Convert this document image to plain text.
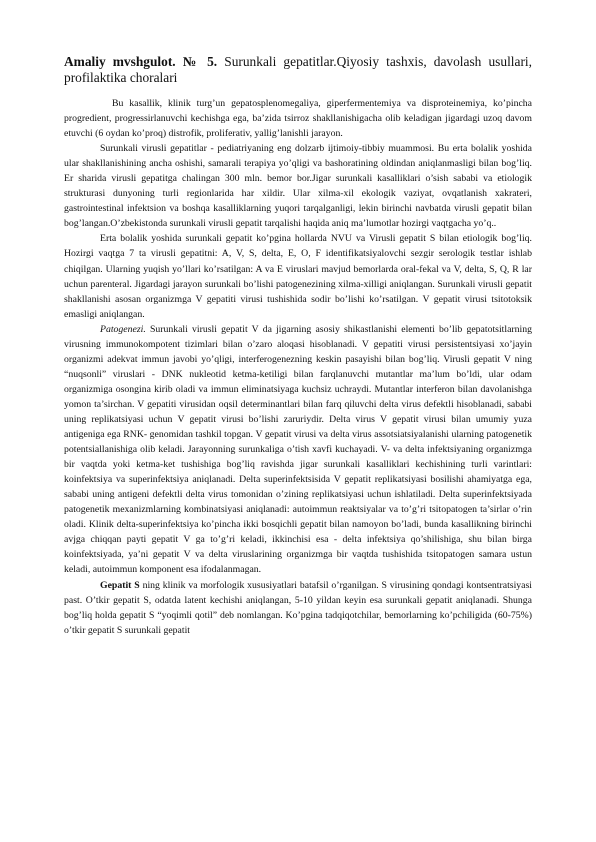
Amaliy mvshgulot. № 5. Surunkali gepatitlar.Qiyosiy tashxis, davolash usullari, profilaktika choralari

Bu kasallik, klinik turg’un gepatosplenomegaliya, giperfermentemiya va disproteinemiya, ko’pincha progredient, progressirlanuvchi kechishga ega, ba’zida tsirroz shakllanishigacha olib keladigan jigardagi uzoq davom etuvchi (6 oydan ko’proq) distrofik, proliferativ, yallig’lanishli jarayon.

Surunkali virusli gepatitlar - pediatriyaning eng dolzarb ijtimoiy-tibbiy muammosi. Bu erta bolalik yoshida ular shakllanishining ancha oshishi, samarali terapiya yo’qligi va bashoratining oldindan aniqlanmasligi bilan bog’liq. Er sharida virusli gepatitga chalingan 300 mln. bemor bor.Jigar surunkali kasalliklari o’sish sababi va etiologik strukturasi dunyoning turli regionlarida har xildir. Ular xilma-xil ekologik vaziyat, ovqatlanish xakrateri, gastrointestinal infektsion va boshqa kasalliklarning yuqori tarqalganligi, lekin birinchi navbatda virusli gepatit bilan bog’langan.O’zbekistonda surunkali virusli gepatit tarqalishi haqida aniq ma’lumotlar hozirgi vaqtgacha yo’q..

Erta bolalik yoshida surunkali gepatit ko’pgina hollarda NVU va Virusli gepatit S bilan etiologik bog’liq. Hozirgi vaqtga 7 ta virusli gepatitni: A, V, S, delta, E, O, F identifikatsiyalovchi sezgir serologik testlar ishlab chiqilgan. Ularning yuqish yo’llari ko’rsatilgan: A va E viruslari mavjud bemorlarda oral-fekal va V, delta, S, Q, R lar uchun parenteral. Jigardagi jarayon surunkali bo’lishi patogenezining xilma-xilligi aniqlangan. Surunkali virusli gepatit shakllanishi asosan organizmga V gepatiti virusi tushishida sodir bo’lishi ko’rsatilgan. V gepatit virusi tsitotoksik emasligi aniqlangan.

Patogenezi. Surunkali virusli gepatit V da jigarning asosiy shikastlanishi elementi bo’lib gepatotsitlarning virusning immunokompotent tizimlari bilan o’zaro aloqasi hisoblanadi. V gepatiti virusi persistentsiyasi xo’jayin organizmi adekvat immun javobi yo’qligi, interferogenezning keskin pasayishi bilan bog’liq. Virusli gepatit V ning “nuqsonli” viruslari - DNK nukleotid ketma-ketiligi bilan farqlanuvchi mutantlar ma’lum bo’ldi, ular odam organizmiga osongina kirib oladi va immun eliminatsiyaga kuchsiz uchraydi. Mutantlar interferon bilan davolanishga yomon ta’sirchan. V gepatiti virusidan oqsil determinantlari bilan farq qiluvchi delta virus defektli hisoblanadi, sababi uning replikatsiyasi uchun V gepatit virusi bo’lishi zaruriydir. Delta virus V gepatit virusi bilan umumiy yuza antigeniga ega RNK- genomidan tashkil topgan. V gepatit virusi va delta virus assotsiatsiyalanishi ularning patogenetik potentsiallanishiga olib keladi. Jarayonning surunkaliga o’tish xavfi kuchayadi. V- va delta infektsiyaning organizmga bir vaqtda yoki ketma-ket tushishiga bog’liq ravishda jigar surunkali kasalliklari kechishining turli varintlari: koinfektsiya va superinfektsiya aniqlanadi. Delta superinfektsisida V gepatit replikatsiyasi bosilishi ahamiyatga ega, sababi uning antigeni defektli delta virus tomonidan o’zining replikatsiyasi uchun ishlatiladi. Delta superinfektsiyada patogenetik mexanizmlarning kombinatsiyasi aniqlanadi: autoimmun reaktsiyalar va to’g’ri tsitopatogen ta’sirlar o’rin oladi. Klinik delta-superinfektsiya ko’pincha ikki bosqichli gepatit bilan namoyon bo’ladi, bunda kasallikning birinchi avjga chiqqan payti gepatit V ga to’g’ri keladi, ikkinchisi esa - delta infektsiya qo’shilishiga, shu bilan birga koinfektsiyada, ya’ni gepatit V va delta viruslarining organizmga bir vaqtda tushishida tsitopatogen samara ustun keladi, autoimmun komponent esa ifodalanmagan.

Gepatit S ning klinik va morfologik xususiyatlari batafsil o’rganilgan. S virusining qondagi kontsentratsiyasi past. O’tkir gepatit S, odatda latent kechishi aniqlangan, 5-10 yildan keyin esa surunkali gepatit aniqlanadi. Shunga bog’liq holda gepatit S “yoqimli qotil” deb nomlangan. Ko’pgina tadqiqotchilar, bemorlarning ko’pchiligida (60-75%) o’tkir gepatit S surunkali gepatit
